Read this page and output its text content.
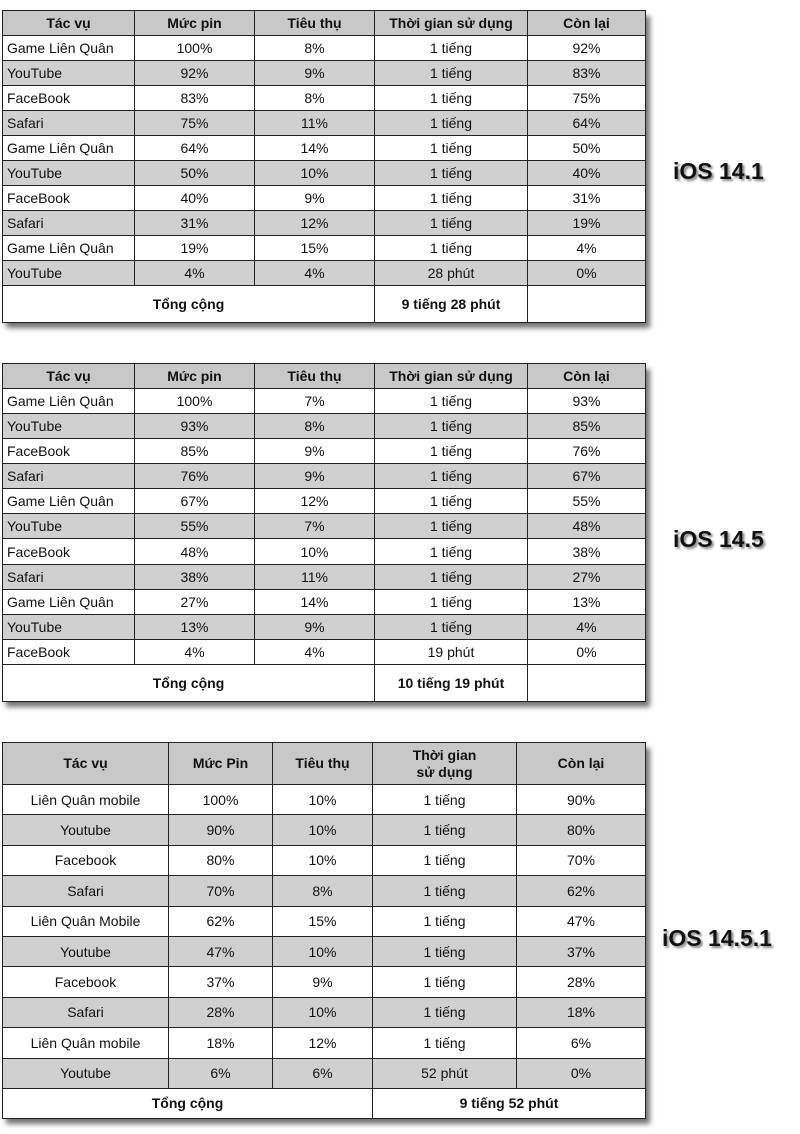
Tác vụ	Mức pin	Tiêu thụ	Thời gian sử dụng	Còn lại
Game Liên Quân	100%	8%	1 tiếng	92%
YouTube	92%	9%	1 tiếng	83%
FaceBook	83%	8%	1 tiếng	75%
Safari	75%	11%	1 tiếng	64%
Game Liên Quân	64%	14%	1 tiếng	50%
YouTube	50%	10%	1 tiếng	40%
FaceBook	40%	9%	1 tiếng	31%
Safari	31%	12%	1 tiếng	19%
Game Liên Quân	19%	15%	1 tiếng	4%
YouTube	4%	4%	28 phút	0%
Tổng cộng			9 tiếng 28 phút	
iOS 14.1
Tác vụ	Mức pin	Tiêu thụ	Thời gian sử dụng	Còn lại
Game Liên Quân	100%	7%	1 tiếng	93%
YouTube	93%	8%	1 tiếng	85%
FaceBook	85%	9%	1 tiếng	76%
Safari	76%	9%	1 tiếng	67%
Game Liên Quân	67%	12%	1 tiếng	55%
YouTube	55%	7%	1 tiếng	48%
FaceBook	48%	10%	1 tiếng	38%
Safari	38%	11%	1 tiếng	27%
Game Liên Quân	27%	14%	1 tiếng	13%
YouTube	13%	9%	1 tiếng	4%
FaceBook	4%	4%	19 phút	0%
Tổng cộng			10 tiếng 19 phút	
iOS 14.5
Tác vụ	Mức Pin	Tiêu thụ	Thời gian sử dụng	Còn lại
Liên Quân mobile	100%	10%	1 tiếng	90%
Youtube	90%	10%	1 tiếng	80%
Facebook	80%	10%	1 tiếng	70%
Safari	70%	8%	1 tiếng	62%
Liên Quân Mobile	62%	15%	1 tiếng	47%
Youtube	47%	10%	1 tiếng	37%
Facebook	37%	9%	1 tiếng	28%
Safari	28%	10%	1 tiếng	18%
Liên Quân mobile	18%	12%	1 tiếng	6%
Youtube	6%	6%	52 phút	0%
Tổng cộng			9 tiếng 52 phút	
iOS 14.5.1
